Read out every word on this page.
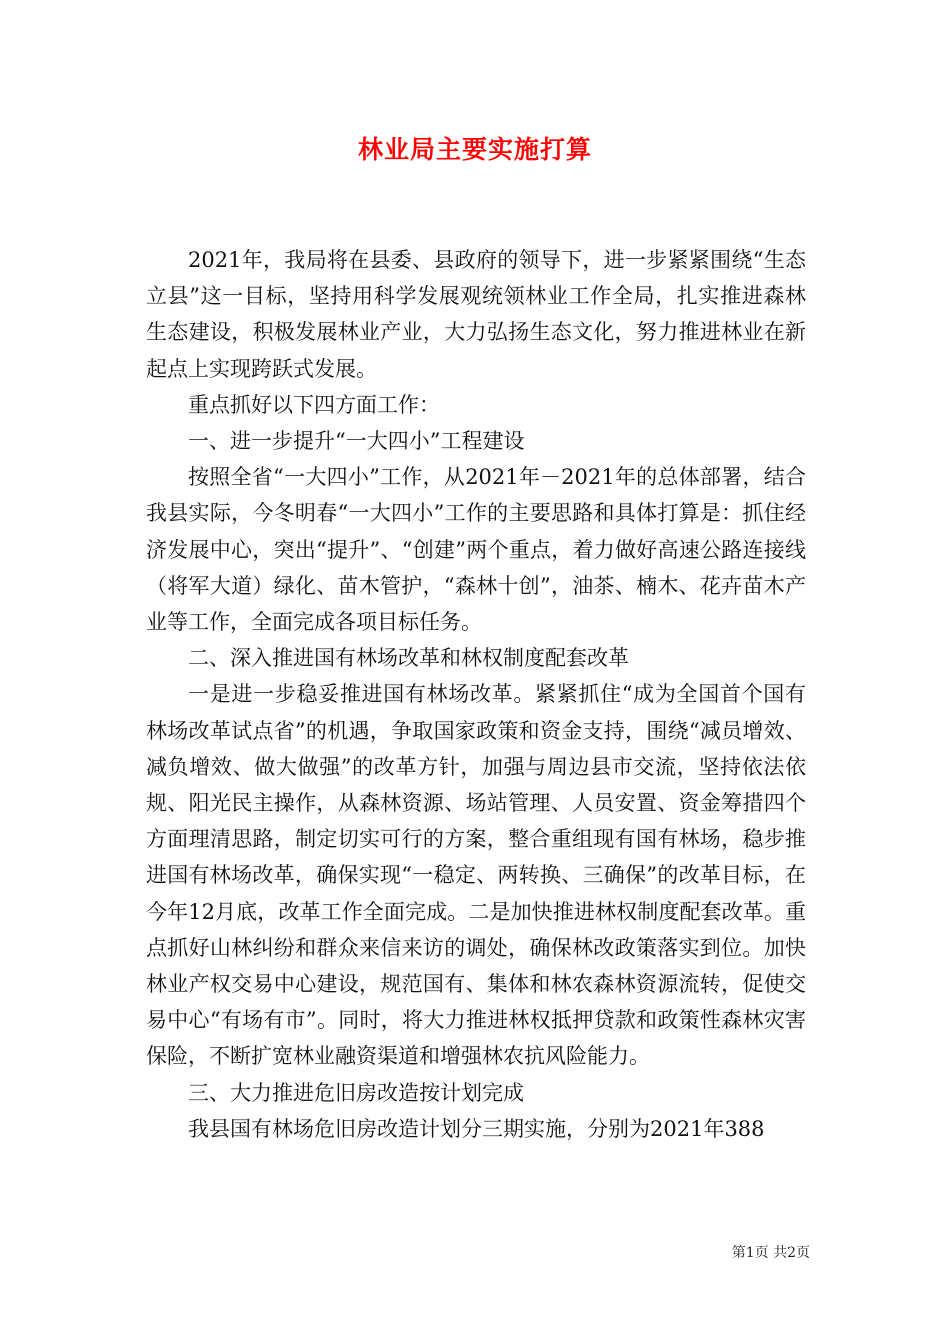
林业局主要实施打算

2021年，我局将在县委、县政府的领导下，进一步紧紧围绕“生态立县”这一目标，坚持用科学发展观统领林业工作全局，扎实推进森林生态建设，积极发展林业产业，大力弘扬生态文化，努力推进林业在新起点上实现跨跃式发展。

重点抓好以下四方面工作：

一、进一步提升“一大四小”工程建设

按照全省“一大四小”工作，从2021年－2021年的总体部署，结合我县实际，今冬明春“一大四小”工作的主要思路和具体打算是：抓住经济发展中心，突出“提升”、“创建”两个重点，着力做好高速公路连接线（将军大道）绿化、苗木管护，“森林十创”，油茶、楠木、花卉苗木产业等工作，全面完成各项目标任务。

二、深入推进国有林场改革和林权制度配套改革

一是进一步稳妥推进国有林场改革。紧紧抓住“成为全国首个国有林场改革试点省”的机遇，争取国家政策和资金支持，围绕“减员增效、减负增效、做大做强”的改革方针，加强与周边县市交流，坚持依法依规、阳光民主操作，从森林资源、场站管理、人员安置、资金筹措四个方面理清思路，制定切实可行的方案，整合重组现有国有林场，稳步推进国有林场改革，确保实现“一稳定、两转换、三确保”的改革目标，在今年12月底，改革工作全面完成。二是加快推进林权制度配套改革。重点抓好山林纠纷和群众来信来访的调处，确保林改政策落实到位。加快林业产权交易中心建设，规范国有、集体和林农森林资源流转，促使交易中心“有场有市”。同时，将大力推进林权抵押贷款和政策性森林灾害保险，不断扩宽林业融资渠道和增强林农抗风险能力。

三、大力推进危旧房改造按计划完成

我县国有林场危旧房改造计划分三期实施，分别为2021年388

第1页 共2页
